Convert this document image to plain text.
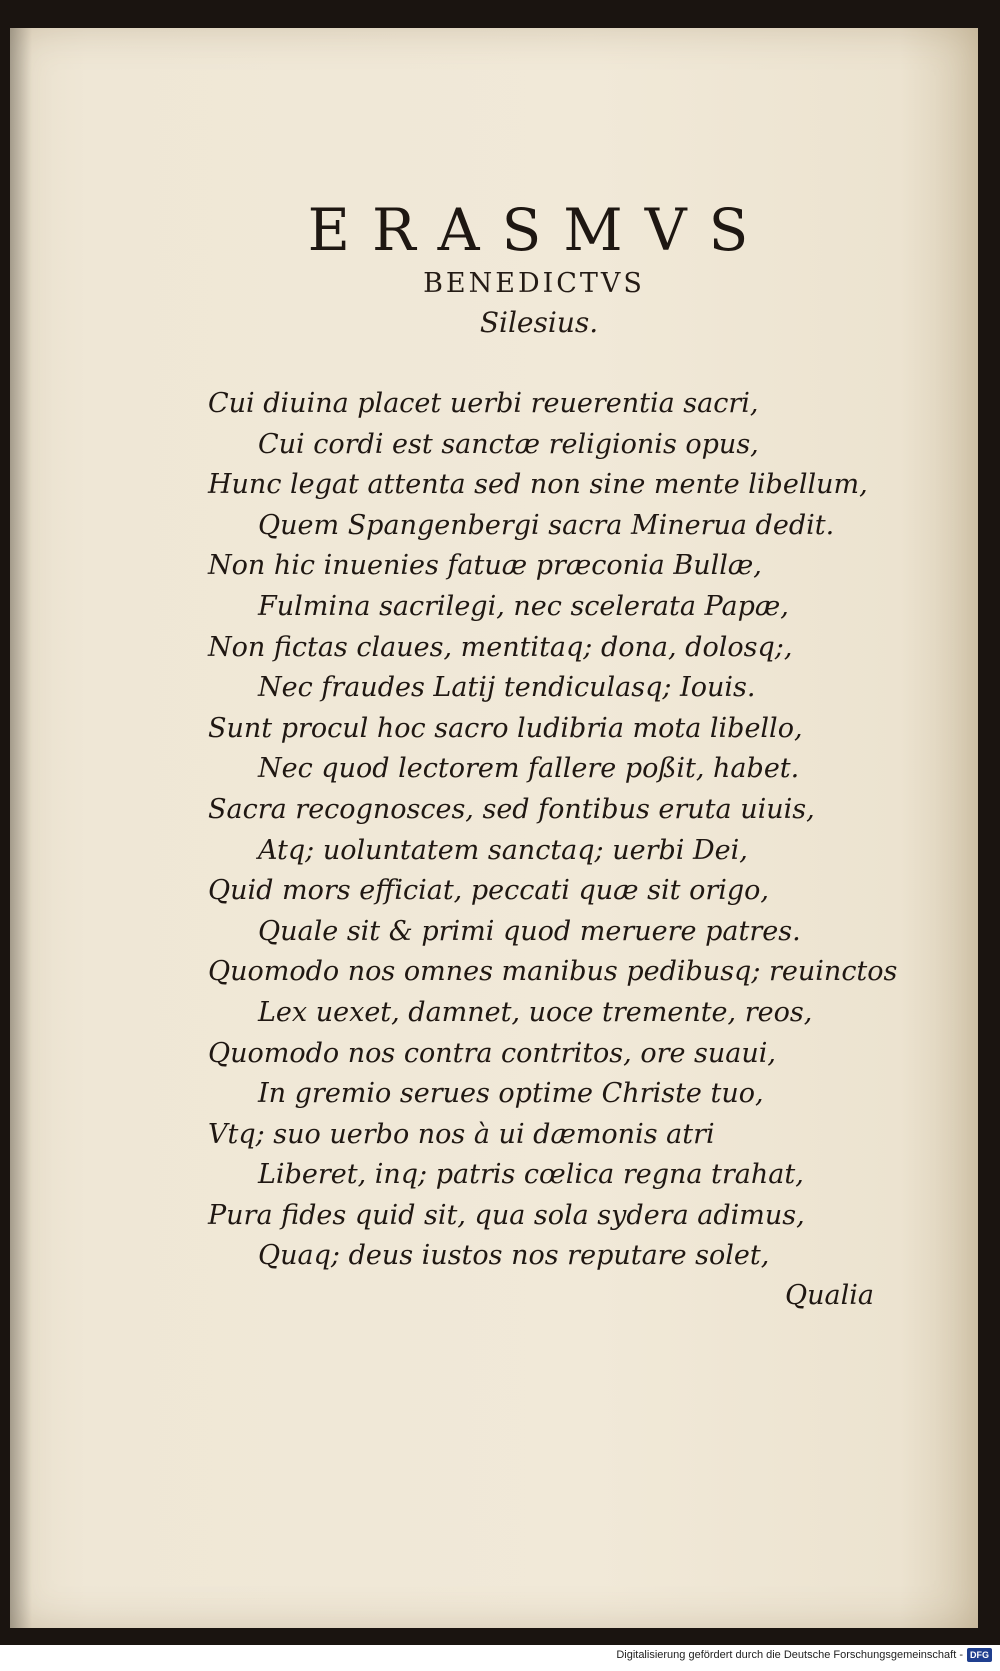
ERASMVS
BENEDICTVS
Silesius.
Cui diuina placet uerbi reuerentia sacri,
Cui cordi est sanctæ religionis opus,
Hunc legat attenta sed non sine mente libellum,
Quem Spangenbergi sacra Minerua dedit.
Non hic inuenies fatuæ præconia Bullæ,
Fulmina sacrilegi, nec scelerata Papæ,
Non fictas claues, mentitaq; dona, dolosq;,
Nec fraudes Latij tendiculasq; Iouis.
Sunt procul hoc sacro ludibria mota libello,
Nec quod lectorem fallere poßit, habet.
Sacra recognosces, sed fontibus eruta uiuis,
Atq; uoluntatem sanctaq; uerbi Dei,
Quid mors efficiat, peccati quæ sit origo,
Quale sit & primi quod meruere patres.
Quomodo nos omnes manibus pedibusq; reuinctos
Lex uexet, damnet, uoce tremente, reos,
Quomodo nos contra contritos, ore suaui,
In gremio serues optime Christe tuo,
Vtq; suo uerbo nos à ui dæmonis atri
Liberet, inq; patris cœlica regna trahat,
Pura fides quid sit, qua sola sydera adimus,
Quaq; deus iustos nos reputare solet,
Qualia
Digitalisierung gefördert durch die Deutsche Forschungsgemeinschaft - DFG
